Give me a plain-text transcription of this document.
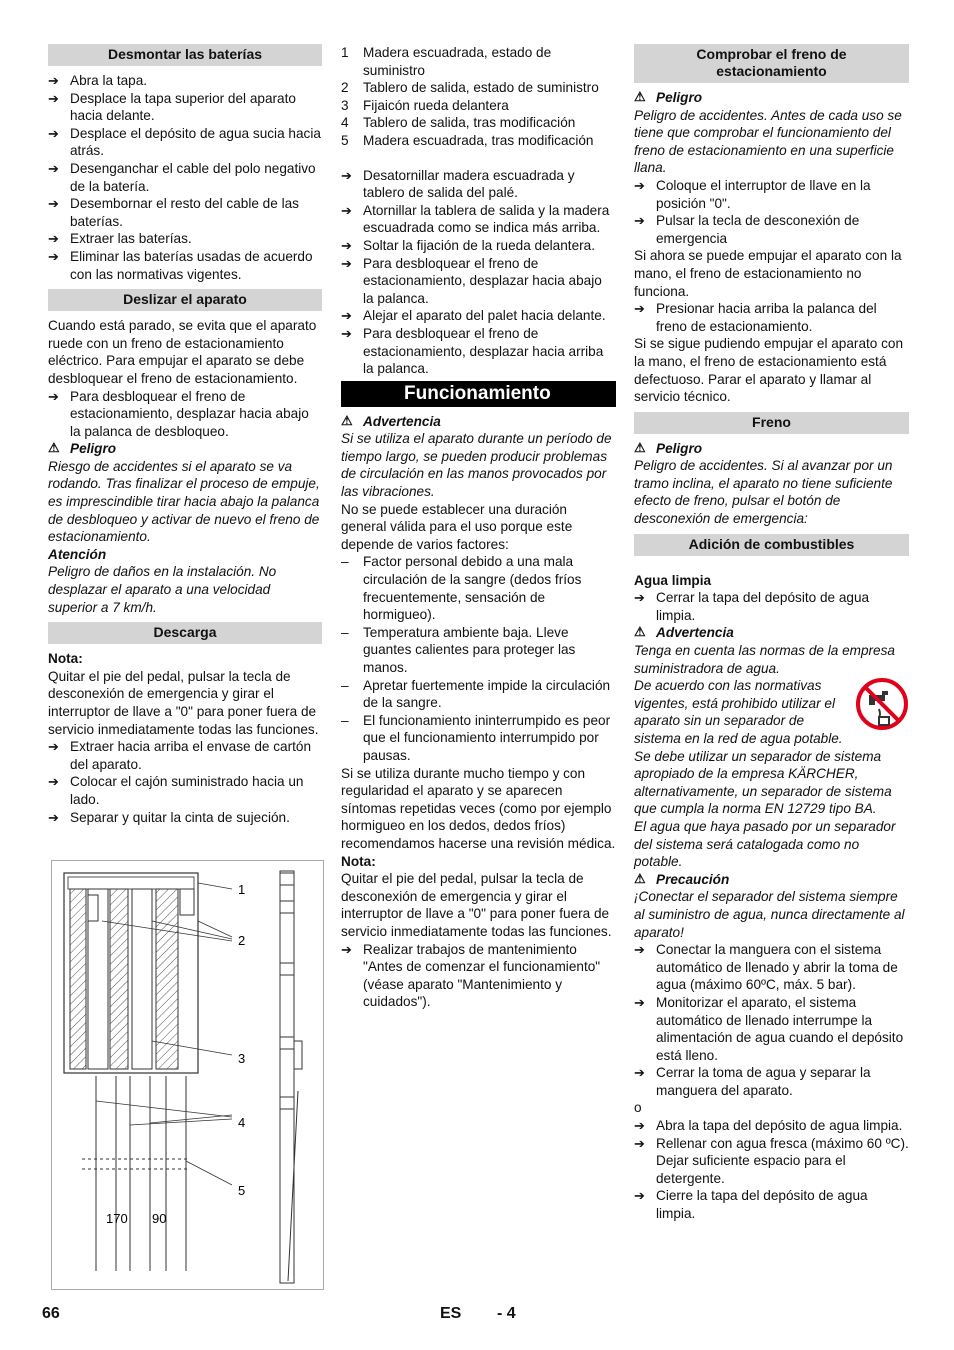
Desmontar las baterías
➔ Abra la tapa.
➔ Desplace la tapa superior del aparato hacia delante.
➔ Desplace el depósito de agua sucia hacia atrás.
➔ Desenganchar el cable del polo negativo de la batería.
➔ Desembornar el resto del cable de las baterías.
➔ Extraer las baterías.
➔ Eliminar las baterías usadas de acuerdo con las normativas vigentes.
Deslizar el aparato

Cuando está parado, se evita que el aparato ruede con un freno de estacionamiento eléctrico. Para empujar el aparato se debe desbloquear el freno de estacionamiento.

➔ Para desbloquear el freno de estacionamiento, desplazar hacia abajo la palanca de desbloqueo.
⚠ Peligro

Riesgo de accidentes si el aparato se va rodando. Tras finalizar el proceso de empuje, es imprescindible tirar hacia abajo la palanca de desbloqueo y activar de nuevo el freno de estacionamiento.

Atención

Peligro de daños en la instalación. No desplazar el aparato a una velocidad superior a 7 km/h.

Descarga

Nota:

Quitar el pie del pedal, pulsar la tecla de desconexión de emergencia y girar el interruptor de llave a "0" para poner fuera de servicio inmediatamente todas las funciones.

➔ Extraer hacia arriba el envase de cartón del aparato.
➔ Colocar el cajón suministrado hacia un lado.
➔ Separar y quitar la cinta de sujeción.
1
2
3
4
5
170 90
1 Madera escuadrada, estado de suministro
2 Tablero de salida, estado de suministro
3 Fijaicón rueda delantera
4 Tablero de salida, tras modificación
5 Madera escuadrada, tras modificación
➔ Desatornillar madera escuadrada y tablero de salida del palé.
➔ Atornillar la tablera de salida y la madera escuadrada como se indica más arriba.
➔ Soltar la fijación de la rueda delantera.
➔ Para desbloquear el freno de estacionamiento, desplazar hacia abajo la palanca.
➔ Alejar el aparato del palet hacia delante.
➔ Para desbloquear el freno de estacionamiento, desplazar hacia arriba la palanca.
Funcionamiento
⚠ Advertencia

Si se utiliza el aparato durante un período de tiempo largo, se pueden producir problemas de circulación en las manos provocados por las vibraciones.

No se puede establecer una duración general válida para el uso porque este depende de varios factores:

– Factor personal debido a una mala circulación de la sangre (dedos fríos frecuentemente, sensación de hormigueo).
– Temperatura ambiente baja. Lleve guantes calientes para proteger las manos.
– Apretar fuertemente impide la circulación de la sangre.
– El funcionamiento ininterrumpido es peor que el funcionamiento interrumpido por pausas.

Si se utiliza durante mucho tiempo y con regularidad el aparato y se aparecen síntomas repetidas veces (como por ejemplo hormigueo en los dedos, dedos fríos) recomendamos hacerse una revisión médica.

Nota:

Quitar el pie del pedal, pulsar la tecla de desconexión de emergencia y girar el interruptor de llave a "0" para poner fuera de servicio inmediatamente todas las funciones.

➔ Realizar trabajos de mantenimiento "Antes de comenzar el funcionamiento" (véase aparato "Mantenimiento y cuidados").
Comprobar el freno de estacionamiento
⚠ Peligro

Peligro de accidentes. Antes de cada uso se tiene que comprobar el funcionamiento del freno de estacionamiento en una superficie llana.

➔ Coloque el interruptor de llave en la posición "0".
➔ Pulsar la tecla de desconexión de emergencia

Si ahora se puede empujar el aparato con la mano, el freno de estacionamiento no funciona.

➔ Presionar hacia arriba la palanca del freno de estacionamiento.

Si se sigue pudiendo empujar el aparato con la mano, el freno de estacionamiento está defectuoso. Parar el aparato y llamar al servicio técnico.

Freno
⚠ Peligro

Peligro de accidentes. Si al avanzar por un tramo inclina, el aparato no tiene suficiente efecto de freno, pulsar el botón de desconexión de emergencia:

Adición de combustibles

Agua limpia

➔ Cerrar la tapa del depósito de agua limpia.
⚠ Advertencia

Tenga en cuenta las normas de la empresa suministradora de agua.

De acuerdo con las normativas vigentes, está prohibido utilizar el aparato sin un separador de sistema en la red de agua potable. Se debe utilizar un separador de sistema apropiado de la empresa KÄRCHER, alternativamente, un separador de sistema que cumpla la norma EN 12729 tipo BA.

El agua que haya pasado por un separador del sistema será catalogada como no potable.

⚠ Precaución

¡Conectar el separador del sistema siempre al suministro de agua, nunca directamente al aparato!

➔ Conectar la manguera con el sistema automático de llenado y abrir la toma de agua (máximo 60ºC, máx. 5 bar).
➔ Monitorizar el aparato, el sistema automático de llenado interrumpe la alimentación de agua cuando el depósito está lleno.
➔ Cerrar la toma de agua y separar la manguera del aparato.

o

➔ Abra la tapa del depósito de agua limpia.
➔ Rellenar con agua fresca (máximo 60 ºC). Dejar suficiente espacio para el detergente.
➔ Cierre la tapa del depósito de agua limpia.
66	ES - 4
